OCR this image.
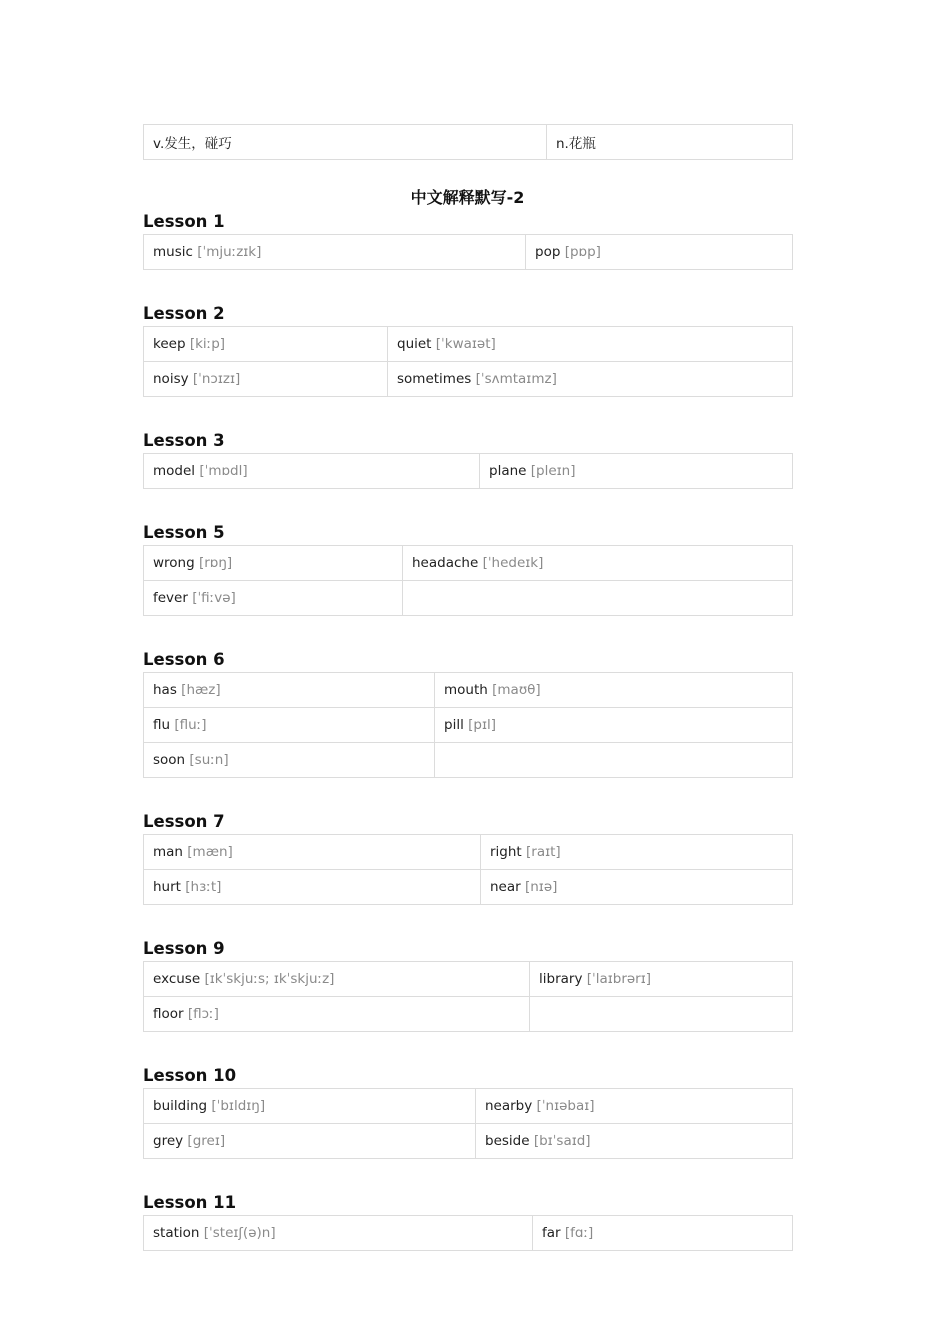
v.发生，碰巧	n.花瓶
中文解释默写-2
Lesson 1
music [ˈmjuːzɪk]	pop [pɒp]
Lesson 2
keep [kiːp]	quiet [ˈkwaɪət]
noisy [ˈnɔɪzɪ]	sometimes [ˈsʌmtaɪmz]
Lesson 3
model [ˈmɒdl]	plane [pleɪn]
Lesson 5
wrong [rɒŋ]	headache [ˈhedeɪk]
fever [ˈfiːvə]	
Lesson 6
has [hæz]	mouth [maʊθ]
flu [fluː]	pill [pɪl]
soon [suːn]	
Lesson 7
man [mæn]	right [raɪt]
hurt [hɜːt]	near [nɪə]
Lesson 9
excuse [ɪkˈskjuːs; ɪkˈskjuːz]	library [ˈlaɪbrərɪ]
floor [flɔː]	
Lesson 10
building [ˈbɪldɪŋ]	nearby [ˈnɪəbaɪ]
grey [greɪ]	beside [bɪˈsaɪd]
Lesson 11
station [ˈsteɪʃ(ə)n]	far [fɑː]
